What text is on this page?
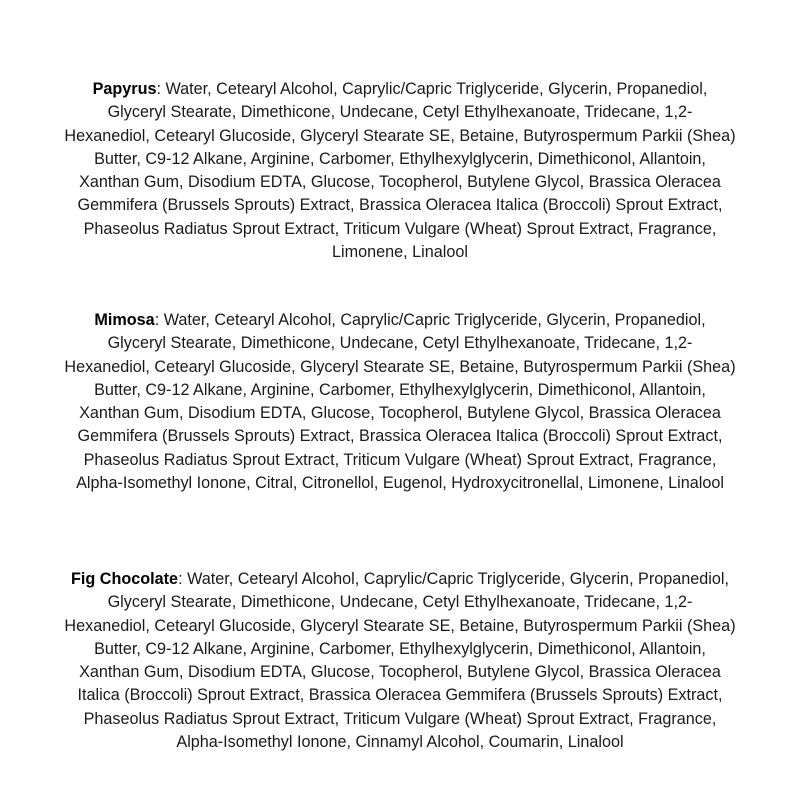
Papyrus: Water, Cetearyl Alcohol, Caprylic/Capric Triglyceride, Glycerin, Propanediol,
Glyceryl Stearate, Dimethicone, Undecane, Cetyl Ethylhexanoate, Tridecane, 1,2-
Hexanediol, Cetearyl Glucoside, Glyceryl Stearate SE, Betaine, Butyrospermum Parkii (Shea)
Butter, C9-12 Alkane, Arginine, Carbomer, Ethylhexylglycerin, Dimethiconol, Allantoin,
Xanthan Gum, Disodium EDTA, Glucose, Tocopherol, Butylene Glycol, Brassica Oleracea
Gemmifera (Brussels Sprouts) Extract, Brassica Oleracea Italica (Broccoli) Sprout Extract,
Phaseolus Radiatus Sprout Extract, Triticum Vulgare (Wheat) Sprout Extract, Fragrance,
Limonene, Linalool
Mimosa: Water, Cetearyl Alcohol, Caprylic/Capric Triglyceride, Glycerin, Propanediol,
Glyceryl Stearate, Dimethicone, Undecane, Cetyl Ethylhexanoate, Tridecane, 1,2-
Hexanediol, Cetearyl Glucoside, Glyceryl Stearate SE, Betaine, Butyrospermum Parkii (Shea)
Butter, C9-12 Alkane, Arginine, Carbomer, Ethylhexylglycerin, Dimethiconol, Allantoin,
Xanthan Gum, Disodium EDTA, Glucose, Tocopherol, Butylene Glycol, Brassica Oleracea
Gemmifera (Brussels Sprouts) Extract, Brassica Oleracea Italica (Broccoli) Sprout Extract,
Phaseolus Radiatus Sprout Extract, Triticum Vulgare (Wheat) Sprout Extract, Fragrance,
Alpha-Isomethyl Ionone, Citral, Citronellol, Eugenol, Hydroxycitronellal, Limonene, Linalool
Fig Chocolate: Water, Cetearyl Alcohol, Caprylic/Capric Triglyceride, Glycerin, Propanediol,
Glyceryl Stearate, Dimethicone, Undecane, Cetyl Ethylhexanoate, Tridecane, 1,2-
Hexanediol, Cetearyl Glucoside, Glyceryl Stearate SE, Betaine, Butyrospermum Parkii (Shea)
Butter, C9-12 Alkane, Arginine, Carbomer, Ethylhexylglycerin, Dimethiconol, Allantoin,
Xanthan Gum, Disodium EDTA, Glucose, Tocopherol, Butylene Glycol, Brassica Oleracea
Italica (Broccoli) Sprout Extract, Brassica Oleracea Gemmifera (Brussels Sprouts) Extract,
Phaseolus Radiatus Sprout Extract, Triticum Vulgare (Wheat) Sprout Extract, Fragrance,
Alpha-Isomethyl Ionone, Cinnamyl Alcohol, Coumarin, Linalool
